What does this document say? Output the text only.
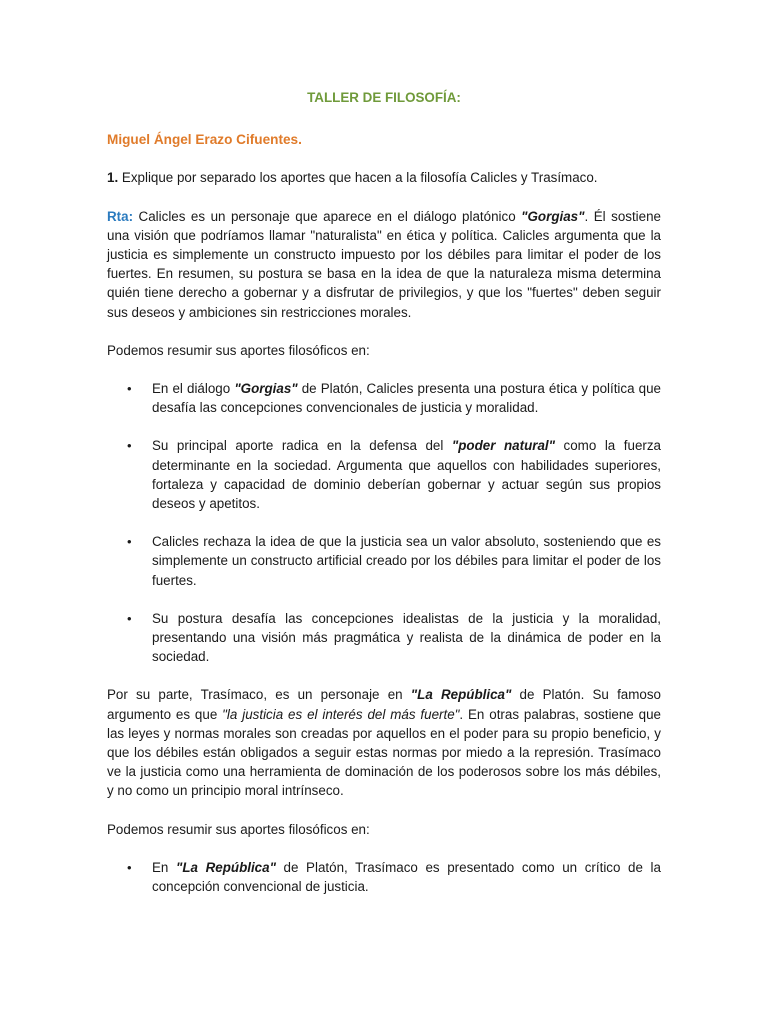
TALLER DE FILOSOFÍA:
Miguel Ángel Erazo Cifuentes.

1. Explique por separado los aportes que hacen a la filosofía Calicles y Trasímaco.

Rta: Calicles es un personaje que aparece en el diálogo platónico "Gorgias". Él sostiene una visión que podríamos llamar "naturalista" en ética y política. Calicles argumenta que la justicia es simplemente un constructo impuesto por los débiles para limitar el poder de los fuertes. En resumen, su postura se basa en la idea de que la naturaleza misma determina quién tiene derecho a gobernar y a disfrutar de privilegios, y que los "fuertes" deben seguir sus deseos y ambiciones sin restricciones morales.

Podemos resumir sus aportes filosóficos en:

• En el diálogo "Gorgias" de Platón, Calicles presenta una postura ética y política que desafía las concepciones convencionales de justicia y moralidad.
• Su principal aporte radica en la defensa del "poder natural" como la fuerza determinante en la sociedad. Argumenta que aquellos con habilidades superiores, fortaleza y capacidad de dominio deberían gobernar y actuar según sus propios deseos y apetitos.
• Calicles rechaza la idea de que la justicia sea un valor absoluto, sosteniendo que es simplemente un constructo artificial creado por los débiles para limitar el poder de los fuertes.
• Su postura desafía las concepciones idealistas de la justicia y la moralidad, presentando una visión más pragmática y realista de la dinámica de poder en la sociedad.

Por su parte, Trasímaco, es un personaje en "La República" de Platón. Su famoso argumento es que "la justicia es el interés del más fuerte". En otras palabras, sostiene que las leyes y normas morales son creadas por aquellos en el poder para su propio beneficio, y que los débiles están obligados a seguir estas normas por miedo a la represión. Trasímaco ve la justicia como una herramienta de dominación de los poderosos sobre los más débiles, y no como un principio moral intrínseco.

Podemos resumir sus aportes filosóficos en:

• En "La República" de Platón, Trasímaco es presentado como un crítico de la concepción convencional de justicia.
